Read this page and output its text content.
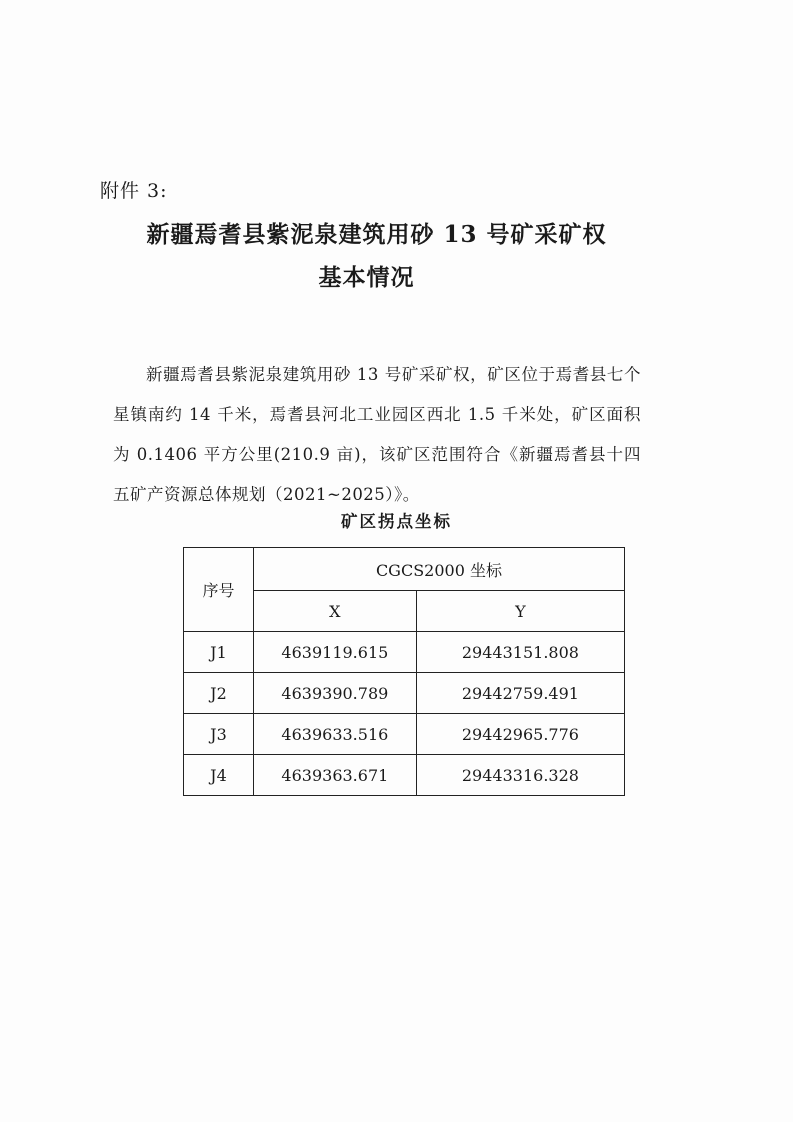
附件 3:
新疆焉耆县紫泥泉建筑用砂 13 号矿采矿权
基本情况

新疆焉耆县紫泥泉建筑用砂 13 号矿采矿权，矿区位于焉耆县七个星镇南约 14 千米，焉耆县河北工业园区西北 1.5 千米处，矿区面积为 0.1406 平方公里(210.9 亩)，该矿区范围符合《新疆焉耆县十四五矿产资源总体规划（2021~2025）》。

矿区拐点坐标
序号	CGCS2000 坐标	
	X	Y
J1	4639119.615	29443151.808
J2	4639390.789	29442759.491
J3	4639633.516	29442965.776
J4	4639363.671	29443316.328
